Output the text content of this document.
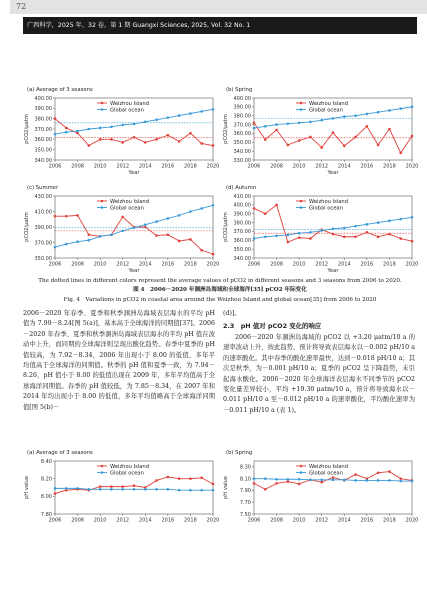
72
广西科学，2025 年，32 卷，第 1 期 Guangxi Sciences, 2025, Vol. 32 No. 1
(a) Average of 3 seasons
340.00
350.00
360.00
370.00
380.00
390.00
400.00
2006 2008 2010 2012 2014 2016 2018 2020
Year
pCO2/μatm
Weizhou Island
Global ocean
(b) Spring
330.00
340.00
350.00
360.00
370.00
380.00
390.00
400.00
2006 2008 2010 2012 2014 2016 2018 2020
Year
pCO2/μatm
Weizhou Island
Global ocean
(c) Summer
350.00
370.00
390.00
410.00
430.00
2006 2008 2010 2012 2014 2016 2018 2020
Year
pCO2/μatm
Weizhou Island
Global ocean
(d) Autumn
340.00
350.00
360.00
370.00
380.00
390.00
400.00
410.00
2006 2008 2010 2012 2014 2016 2018 2020
Year
pCO2/μatm
Weizhou Island
Global ocean
The dotted lines in different colors represent the average values of pCO2 in different seasons and 3 seasons from 2006 to 2020.
图 4　2006－2020 年涠洲岛海域和全球海洋[35] pCO2 年际变化
Fig. 4　Variations in pCO2 in coastal area around the Weizhou Island and global ocean[35] from 2006 to 2020
2006－2020 年春季、夏季和秋季涠洲岛海域表层海水的平均 pH 值为 7.99－8.24[图 5(a)]，基本高于全球海洋的同期值[37]。2006－2020 年春季、夏季和秋季涠洲岛海域表层海水的平均 pH 值在波动中上升，而同期的全球海洋则呈现出酸化趋势。春季中夏季的 pH 值较高，为 7.92－8.34，2006 年出现小于 8.00 的低值，多年平均值高于全球海洋的同期值。秋季的 pH 值和夏季一致，为 7.94－8.26，pH 值小于 8.00 的低值出现在 2009 年，多年平均值高于全球海洋同期值。春季的 pH 值较低，为 7.85－8.34，在 2007 年和 2014 年均出现小于 8.00 的低值，多年平均值略高于全球海洋同期值[图 5(b)－
(d)]。
2.3　pH 值对 pCO2 变化的响应
2006－2020 年涠洲岛海域的 pCO2 以 +3.20 μatm/10 a 的速率波动上升，按此趋势，预计将导致表层海水以－0.002 pH/10 a 的速率酸化。其中春季的酸化速率最快，达到－0.018 pH/10 a；其次是秋季，为－0.001 pH/10 a；夏季的 pCO2 呈下降趋势，未引起海水酸化。2006－2020 年全球海洋表层海水不同季节的 pCO2 变化量差异较小，平均 +19.30 μatm/10 a，预计将导致海水以－0.011 pH/10 a 至－0.012 pH/10 a 的速率酸化，平均酸化速率为－0.011 pH/10 a (表 1)。
(a) Average of 3 seasons
7.80
8.00
8.20
8.40
2006 2008 2010 2012 2014 2016 2018 2020
pH value
Weizhou Island
Global ocean
(b) Spring
7.50
7.70
7.90
8.10
8.30
2006 2008 2010 2012 2014 2016 2018 2020
pH value
Weizhou Island
Global ocean
